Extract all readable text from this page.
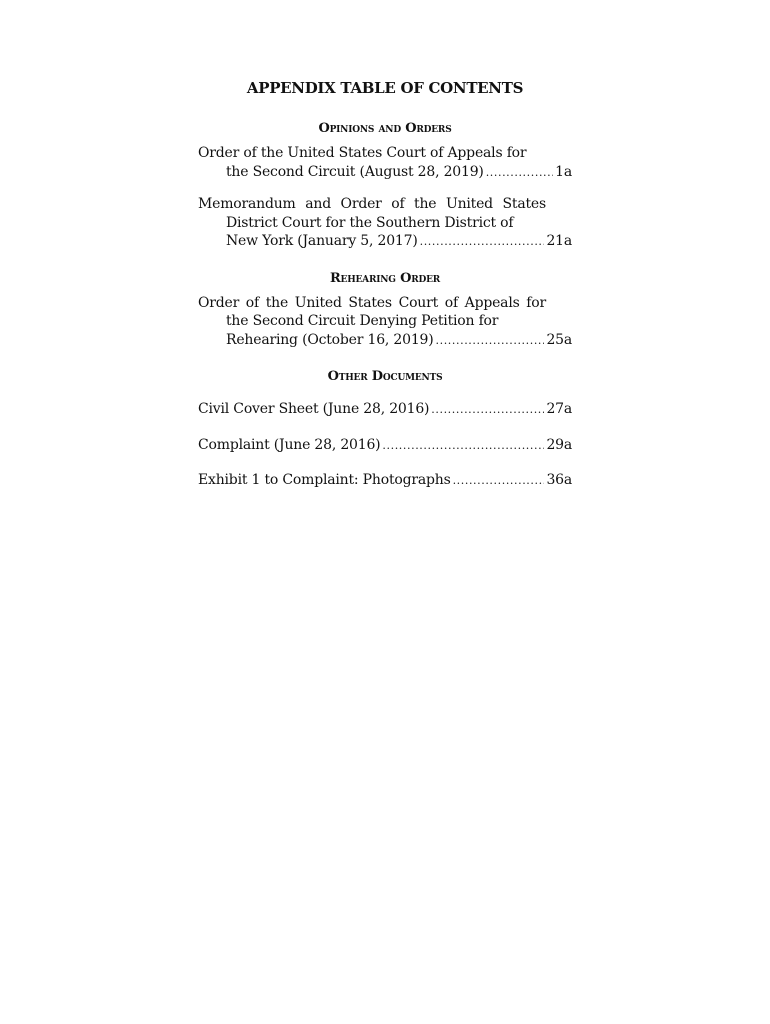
APPENDIX TABLE OF CONTENTS
Opinions and Orders
Order of the United States Court of Appeals for
the Second Circuit (August 28, 2019) .....	1a
Memorandum and Order of the United States District Court for the Southern District of
New York (January 5, 2017) .....	21a
Rehearing Order
Order of the United States Court of Appeals for the Second Circuit Denying Petition for
Rehearing (October 16, 2019) .....	25a
Other Documents
Civil Cover Sheet (June 28, 2016) .....	27a
Complaint (June 28, 2016) .....	29a
Exhibit 1 to Complaint: Photographs .....	36a
